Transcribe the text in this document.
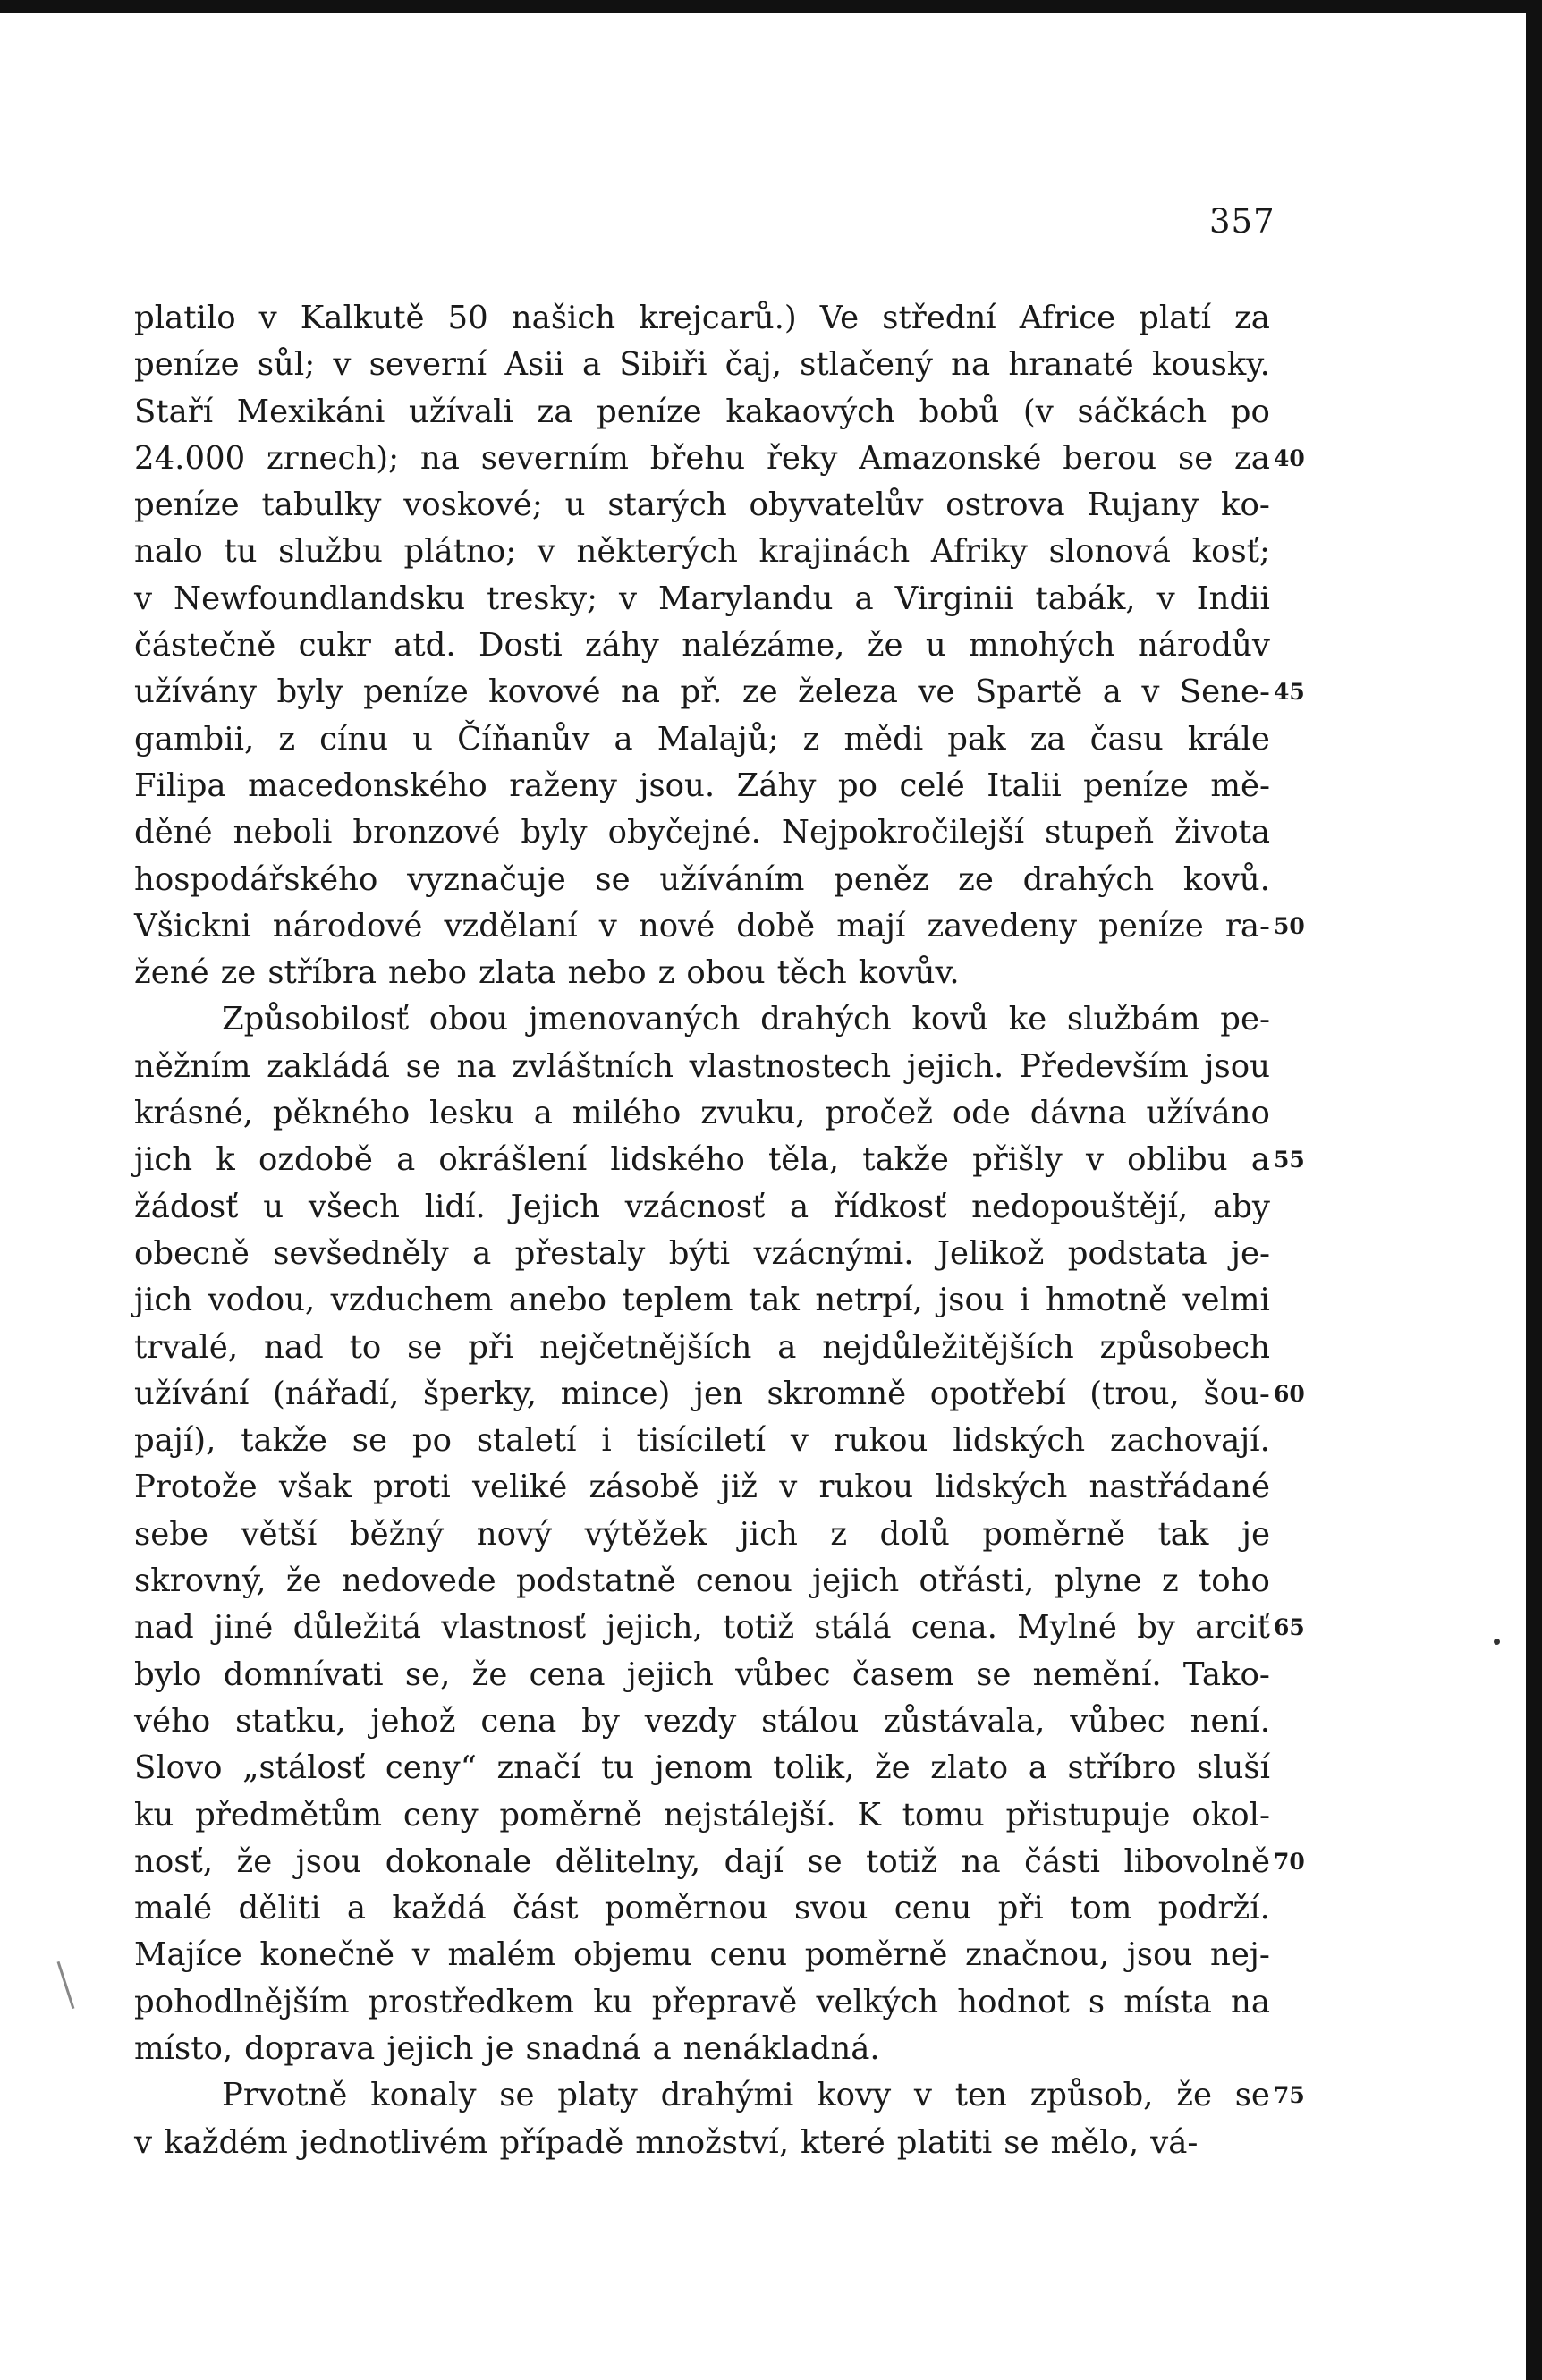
357
platilo v Kalkutě 50 našich krejcarů.) Ve střední Africe platí za
peníze sůl; v severní Asii a Sibiři čaj, stlačený na hranaté kousky.
Staří Mexikáni užívali za peníze kakaových bobů (v sáčkách po
24.000 zrnech); na severním břehu řeky Amazonské berou se za
peníze tabulky voskové; u starých obyvatelův ostrova Rujany ko-
nalo tu službu plátno; v některých krajinách Afriky slonová kosť;
v Newfoundlandsku tresky; v Marylandu a Virginii tabák, v Indii
částečně cukr atd. Dosti záhy nalézáme, že u mnohých národův
užívány byly peníze kovové na př. ze železa ve Spartě a v Sene-
gambii, z cínu u Číňanův a Malajů; z mědi pak za času krále
Filipa macedonského raženy jsou. Záhy po celé Italii peníze mě-
děné neboli bronzové byly obyčejné. Nejpokročilejší stupeň života
hospodářského vyznačuje se užíváním peněz ze drahých kovů.
Všickni národové vzdělaní v nové době mají zavedeny peníze ra-
žené ze stříbra nebo zlata nebo z obou těch kovův.
Způsobilosť obou jmenovaných drahých kovů ke službám pe-
něžním zakládá se na zvláštních vlastnostech jejich. Především jsou
krásné, pěkného lesku a milého zvuku, pročež ode dávna užíváno
jich k ozdobě a okrášlení lidského těla, takže přišly v oblibu a
žádosť u všech lidí. Jejich vzácnosť a řídkosť nedopouštějí, aby
obecně sevšedněly a přestaly býti vzácnými. Jelikož podstata je-
jich vodou, vzduchem anebo teplem tak netrpí, jsou i hmotně velmi
trvalé, nad to se při nejčetnějších a nejdůležitějších způsobech
užívání (nářadí, šperky, mince) jen skromně opotřebí (trou, šou-
pají), takže se po staletí i tisíciletí v rukou lidských zachovají.
Protože však proti veliké zásobě již v rukou lidských nastřádané
sebe větší běžný nový výtěžek jich z dolů poměrně tak je
skrovný, že nedovede podstatně cenou jejich otřásti, plyne z toho
nad jiné důležitá vlastnosť jejich, totiž stálá cena. Mylné by arciť
bylo domnívati se, že cena jejich vůbec časem se nemění. Tako-
vého statku, jehož cena by vezdy stálou zůstávala, vůbec není.
Slovo „stálosť ceny“ značí tu jenom tolik, že zlato a stříbro sluší
ku předmětům ceny poměrně nejstálejší. K tomu přistupuje okol-
nosť, že jsou dokonale dělitelny, dají se totiž na části libovolně
malé děliti a každá část poměrnou svou cenu při tom podrží.
Majíce konečně v malém objemu cenu poměrně značnou, jsou nej-
pohodlnějším prostředkem ku přepravě velkých hodnot s místa na
místo, doprava jejich je snadná a nenákladná.
Prvotně konaly se platy drahými kovy v ten způsob, že se
v každém jednotlivém případě množství, které platiti se mělo, vá-
40
45
50
55
60
65
70
75
